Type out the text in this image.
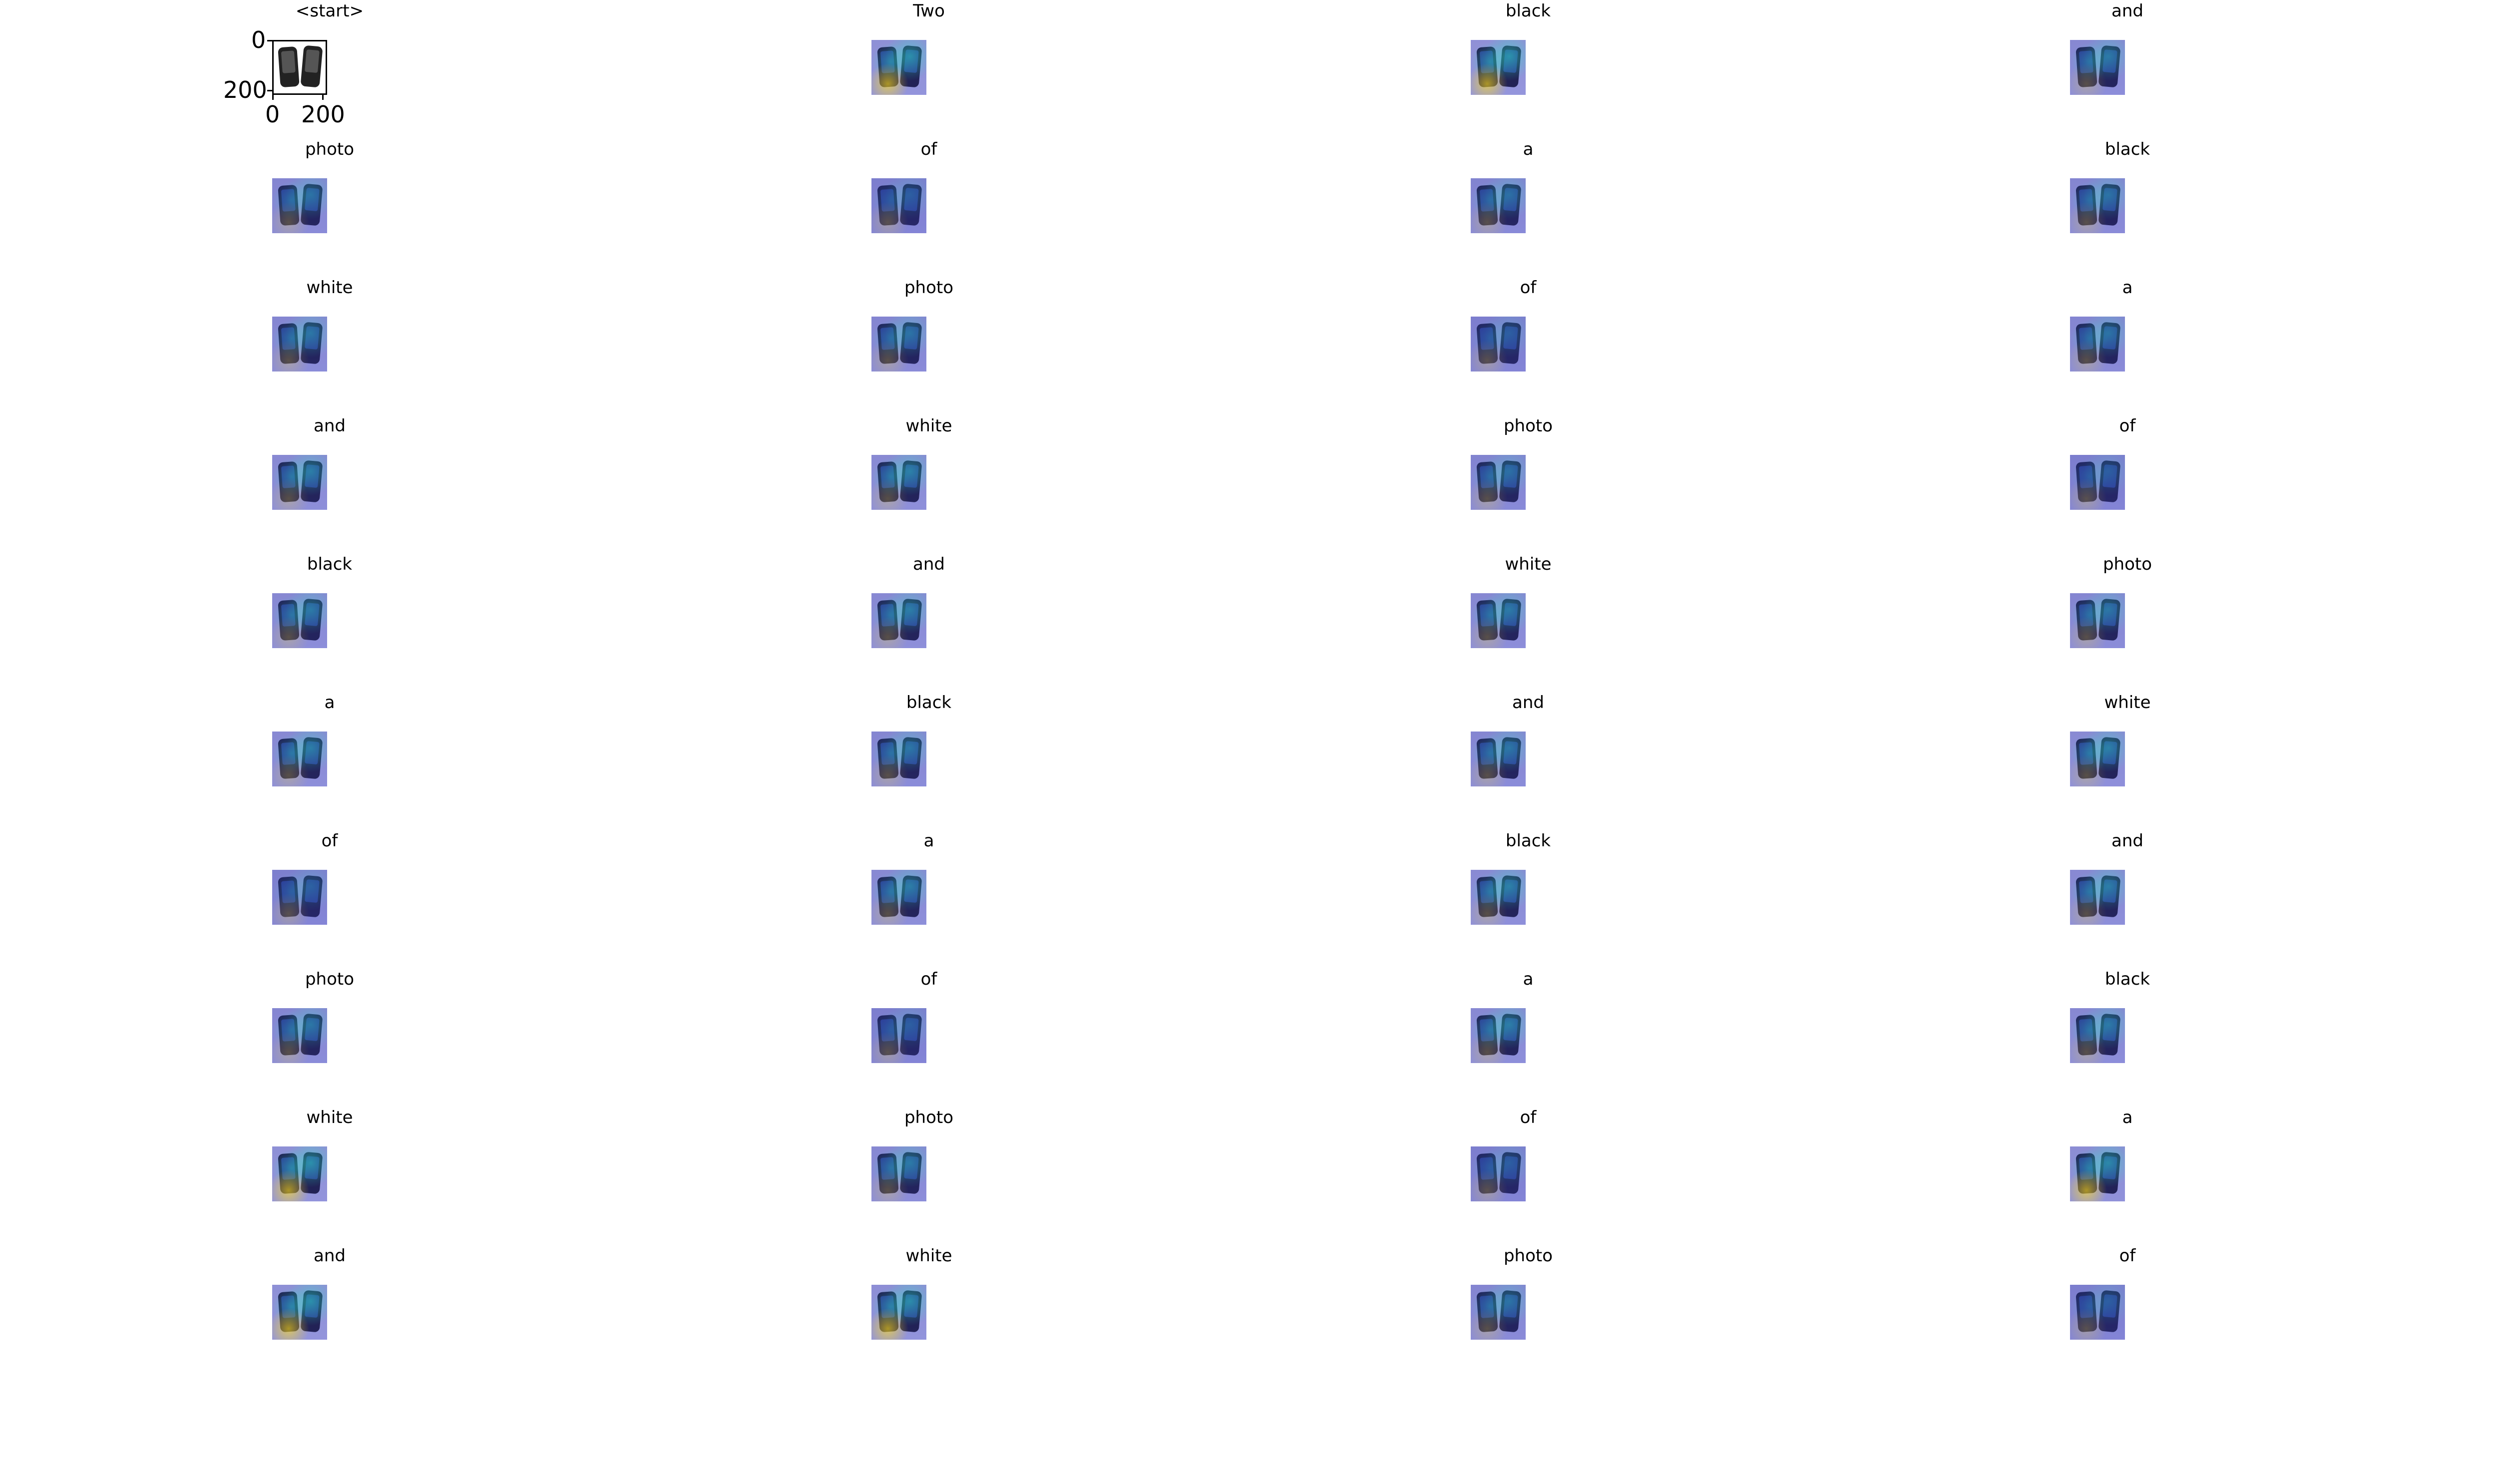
<start>
0
200
0 200
Two	black	and
photo	of	a	black
white	photo	of	a
and	white	photo	of
black	and	white	photo
a	black	and	white
of	a	black	and
photo	of	a	black
white	photo	of	a
and	white	photo	of
